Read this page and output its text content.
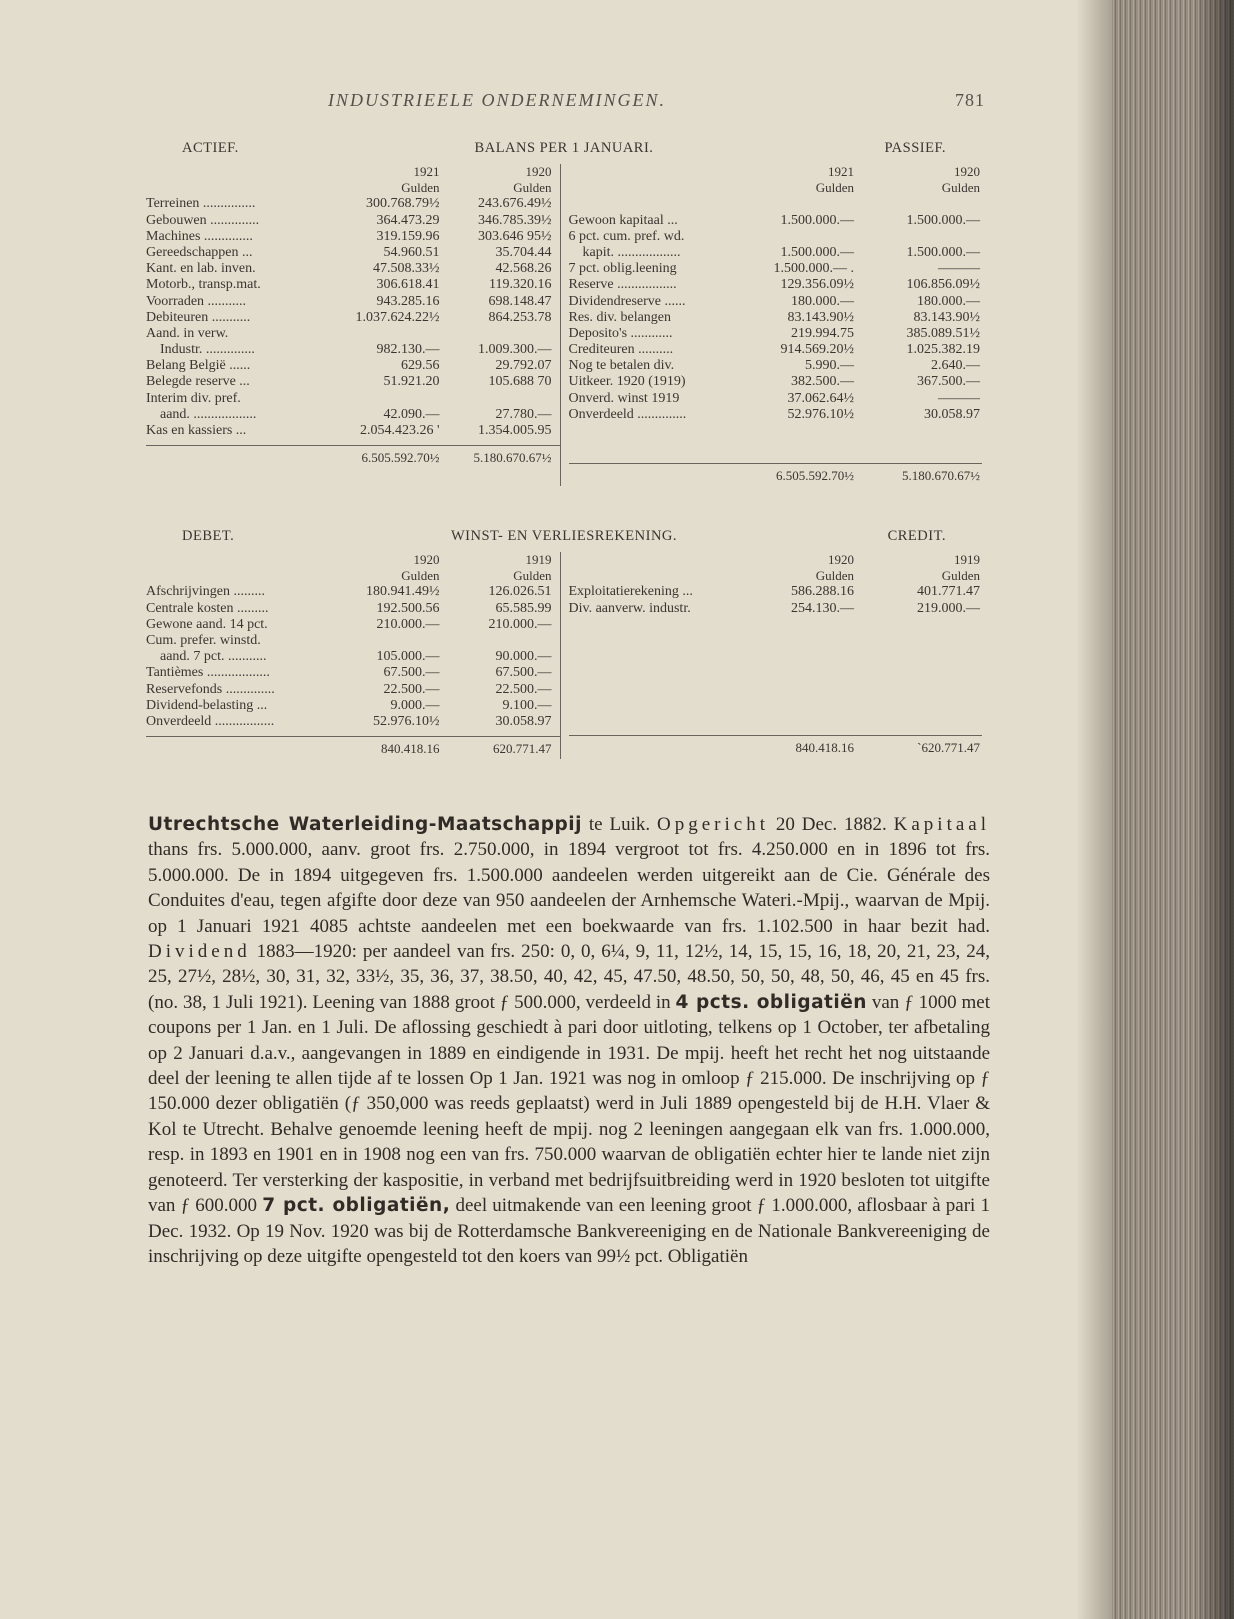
INDUSTRIEELE ONDERNEMINGEN.	781
ACTIEF.	BALANS PER 1 JANUARI.	PASSIEF.
1921	1920
Gulden	Gulden
Terreinen ...............	300.768.79½	243.676.49½
Gebouwen ..............	364.473.29	346.785.39½
Machines ..............	319.159.96	303.646 95½
Gereedschappen ...	54.960.51	35.704.44
Kant. en lab. inven.	47.508.33½	42.568.26
Motorb., transp.mat.	306.618.41	119.320.16
Voorraden ...........	943.285.16	698.148.47
Debiteuren ...........	1.037.624.22½	864.253.78
Aand. in verw.
Industr. ..............	982.130.—	1.009.300.—
Belang België ......	629.56	29.792.07
Belegde reserve ...	51.921.20	105.688 70
Interim div. pref.
aand. ..................	42.090.—	27.780.—
Kas en kassiers ...	2.054.423.26 '	1.354.005.95
6.505.592.70½	5.180.670.67½
1921	1920
Gulden	Gulden
Gewoon kapitaal ...	1.500.000.—	1.500.000.—
6 pct. cum. pref. wd.
kapit. ..................	1.500.000.—	1.500.000.—
7 pct. oblig.leening	1.500.000.— .	———
Reserve .................	129.356.09½	106.856.09½
Dividendreserve ......	180.000.—	180.000.—
Res. div. belangen	83.143.90½	83.143.90½
Deposito's ............	219.994.75	385.089.51½
Crediteuren ..........	914.569.20½	1.025.382.19
Nog te betalen div.	5.990.—	2.640.—
Uitkeer. 1920 (1919)	382.500.—	367.500.—
Onverd. winst 1919	37.062.64½	———
Onverdeeld ..............	52.976.10½	30.058.97
6.505.592.70½	5.180.670.67½
DEBET.	WINST- EN VERLIESREKENING.	CREDIT.
1920	1919
Gulden	Gulden
Afschrijvingen .........	180.941.49½	126.026.51
Centrale kosten .........	192.500.56	65.585.99
Gewone aand. 14 pct.	210.000.—	210.000.—
Cum. prefer. winstd.
aand. 7 pct. ...........	105.000.—	90.000.—
Tantièmes ..................	67.500.—	67.500.—
Reservefonds ..............	22.500.—	22.500.—
Dividend-belasting ...	9.000.—	9.100.—
Onverdeeld .................	52.976.10½	30.058.97
840.418.16	620.771.47
1920	1919
Gulden	Gulden
Exploitatierekening ...	586.288.16	401.771.47
Div. aanverw. industr.	254.130.—	219.000.—
840.418.16	`620.771.47
Utrechtsche Waterleiding-Maatschappij te Luik. Opgericht 20 Dec. 1882. Kapitaal thans frs. 5.000.000, aanv. groot frs. 2.750.000, in 1894 vergroot tot frs. 4.250.000 en in 1896 tot frs. 5.000.000. De in 1894 uitgegeven frs. 1.500.000 aandeelen werden uitgereikt aan de Cie. Générale des Conduites d'eau, tegen afgifte door deze van 950 aandeelen der Arnhemsche Wateri.-Mpij., waarvan de Mpij. op 1 Januari 1921 4085 achtste aandeelen met een boekwaarde van frs. 1.102.500 in haar bezit had. Dividend 1883—1920: per aandeel van frs. 250: 0, 0, 6¼, 9, 11, 12½, 14, 15, 15, 16, 18, 20, 21, 23, 24, 25, 27½, 28½, 30, 31, 32, 33½, 35, 36, 37, 38.50, 40, 42, 45, 47.50, 48.50, 50, 50, 48, 50, 46, 45 en 45 frs. (no. 38, 1 Juli 1921). Leening van 1888 groot ƒ 500.000, verdeeld in 4 pcts. obligatiën van ƒ 1000 met coupons per 1 Jan. en 1 Juli. De aflossing geschiedt à pari door uitloting, telkens op 1 October, ter afbetaling op 2 Januari d.a.v., aangevangen in 1889 en eindigende in 1931. De mpij. heeft het recht het nog uitstaande deel der leening te allen tijde af te lossen Op 1 Jan. 1921 was nog in omloop ƒ 215.000. De inschrijving op ƒ 150.000 dezer obligatiën (ƒ 350,000 was reeds geplaatst) werd in Juli 1889 opengesteld bij de H.H. Vlaer & Kol te Utrecht. Behalve genoemde leening heeft de mpij. nog 2 leeningen aangegaan elk van frs. 1.000.000, resp. in 1893 en 1901 en in 1908 nog een van frs. 750.000 waarvan de obligatiën echter hier te lande niet zijn genoteerd. Ter versterking der kaspositie, in verband met bedrijfsuitbreiding werd in 1920 besloten tot uitgifte van ƒ 600.000 7 pct. obligatiën, deel uitmakende van een leening groot ƒ 1.000.000, aflosbaar à pari 1 Dec. 1932. Op 19 Nov. 1920 was bij de Rotterdamsche Bankvereeniging en de Nationale Bankvereeniging de inschrijving op deze uitgifte opengesteld tot den koers van 99½ pct. Obligatiën
